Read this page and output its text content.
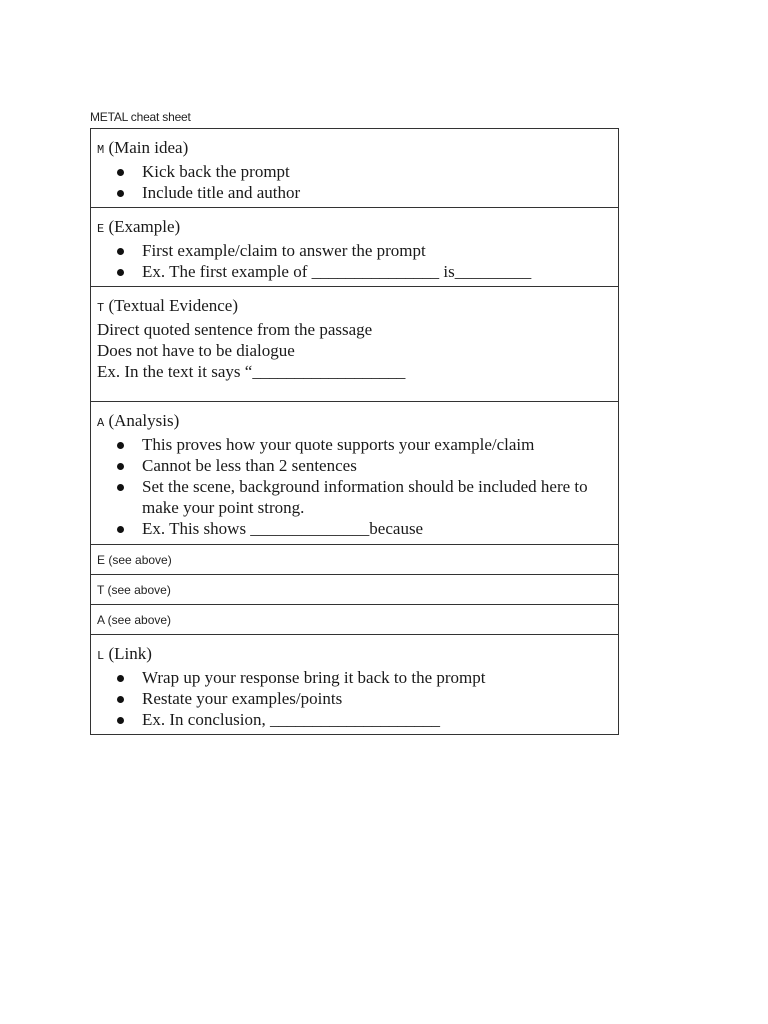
METAL cheat sheet
M (Main idea)
Kick back the prompt
Include title and author

E (Example)
First example/claim to answer the prompt
Ex. The first example of _______________ is_________

T (Textual Evidence)
Direct quoted sentence from the passage
Does not have to be dialogue
Ex. In the text it says “__________________

A (Analysis)
This proves how your quote supports your example/claim
Cannot be less than 2 sentences
Set the scene, background information should be included here to make your point strong.
Ex. This shows ______________because

E (see above)
T (see above)
A (see above)

L (Link)
Wrap up your response bring it back to the prompt
Restate your examples/points
Ex. In conclusion, ____________________
